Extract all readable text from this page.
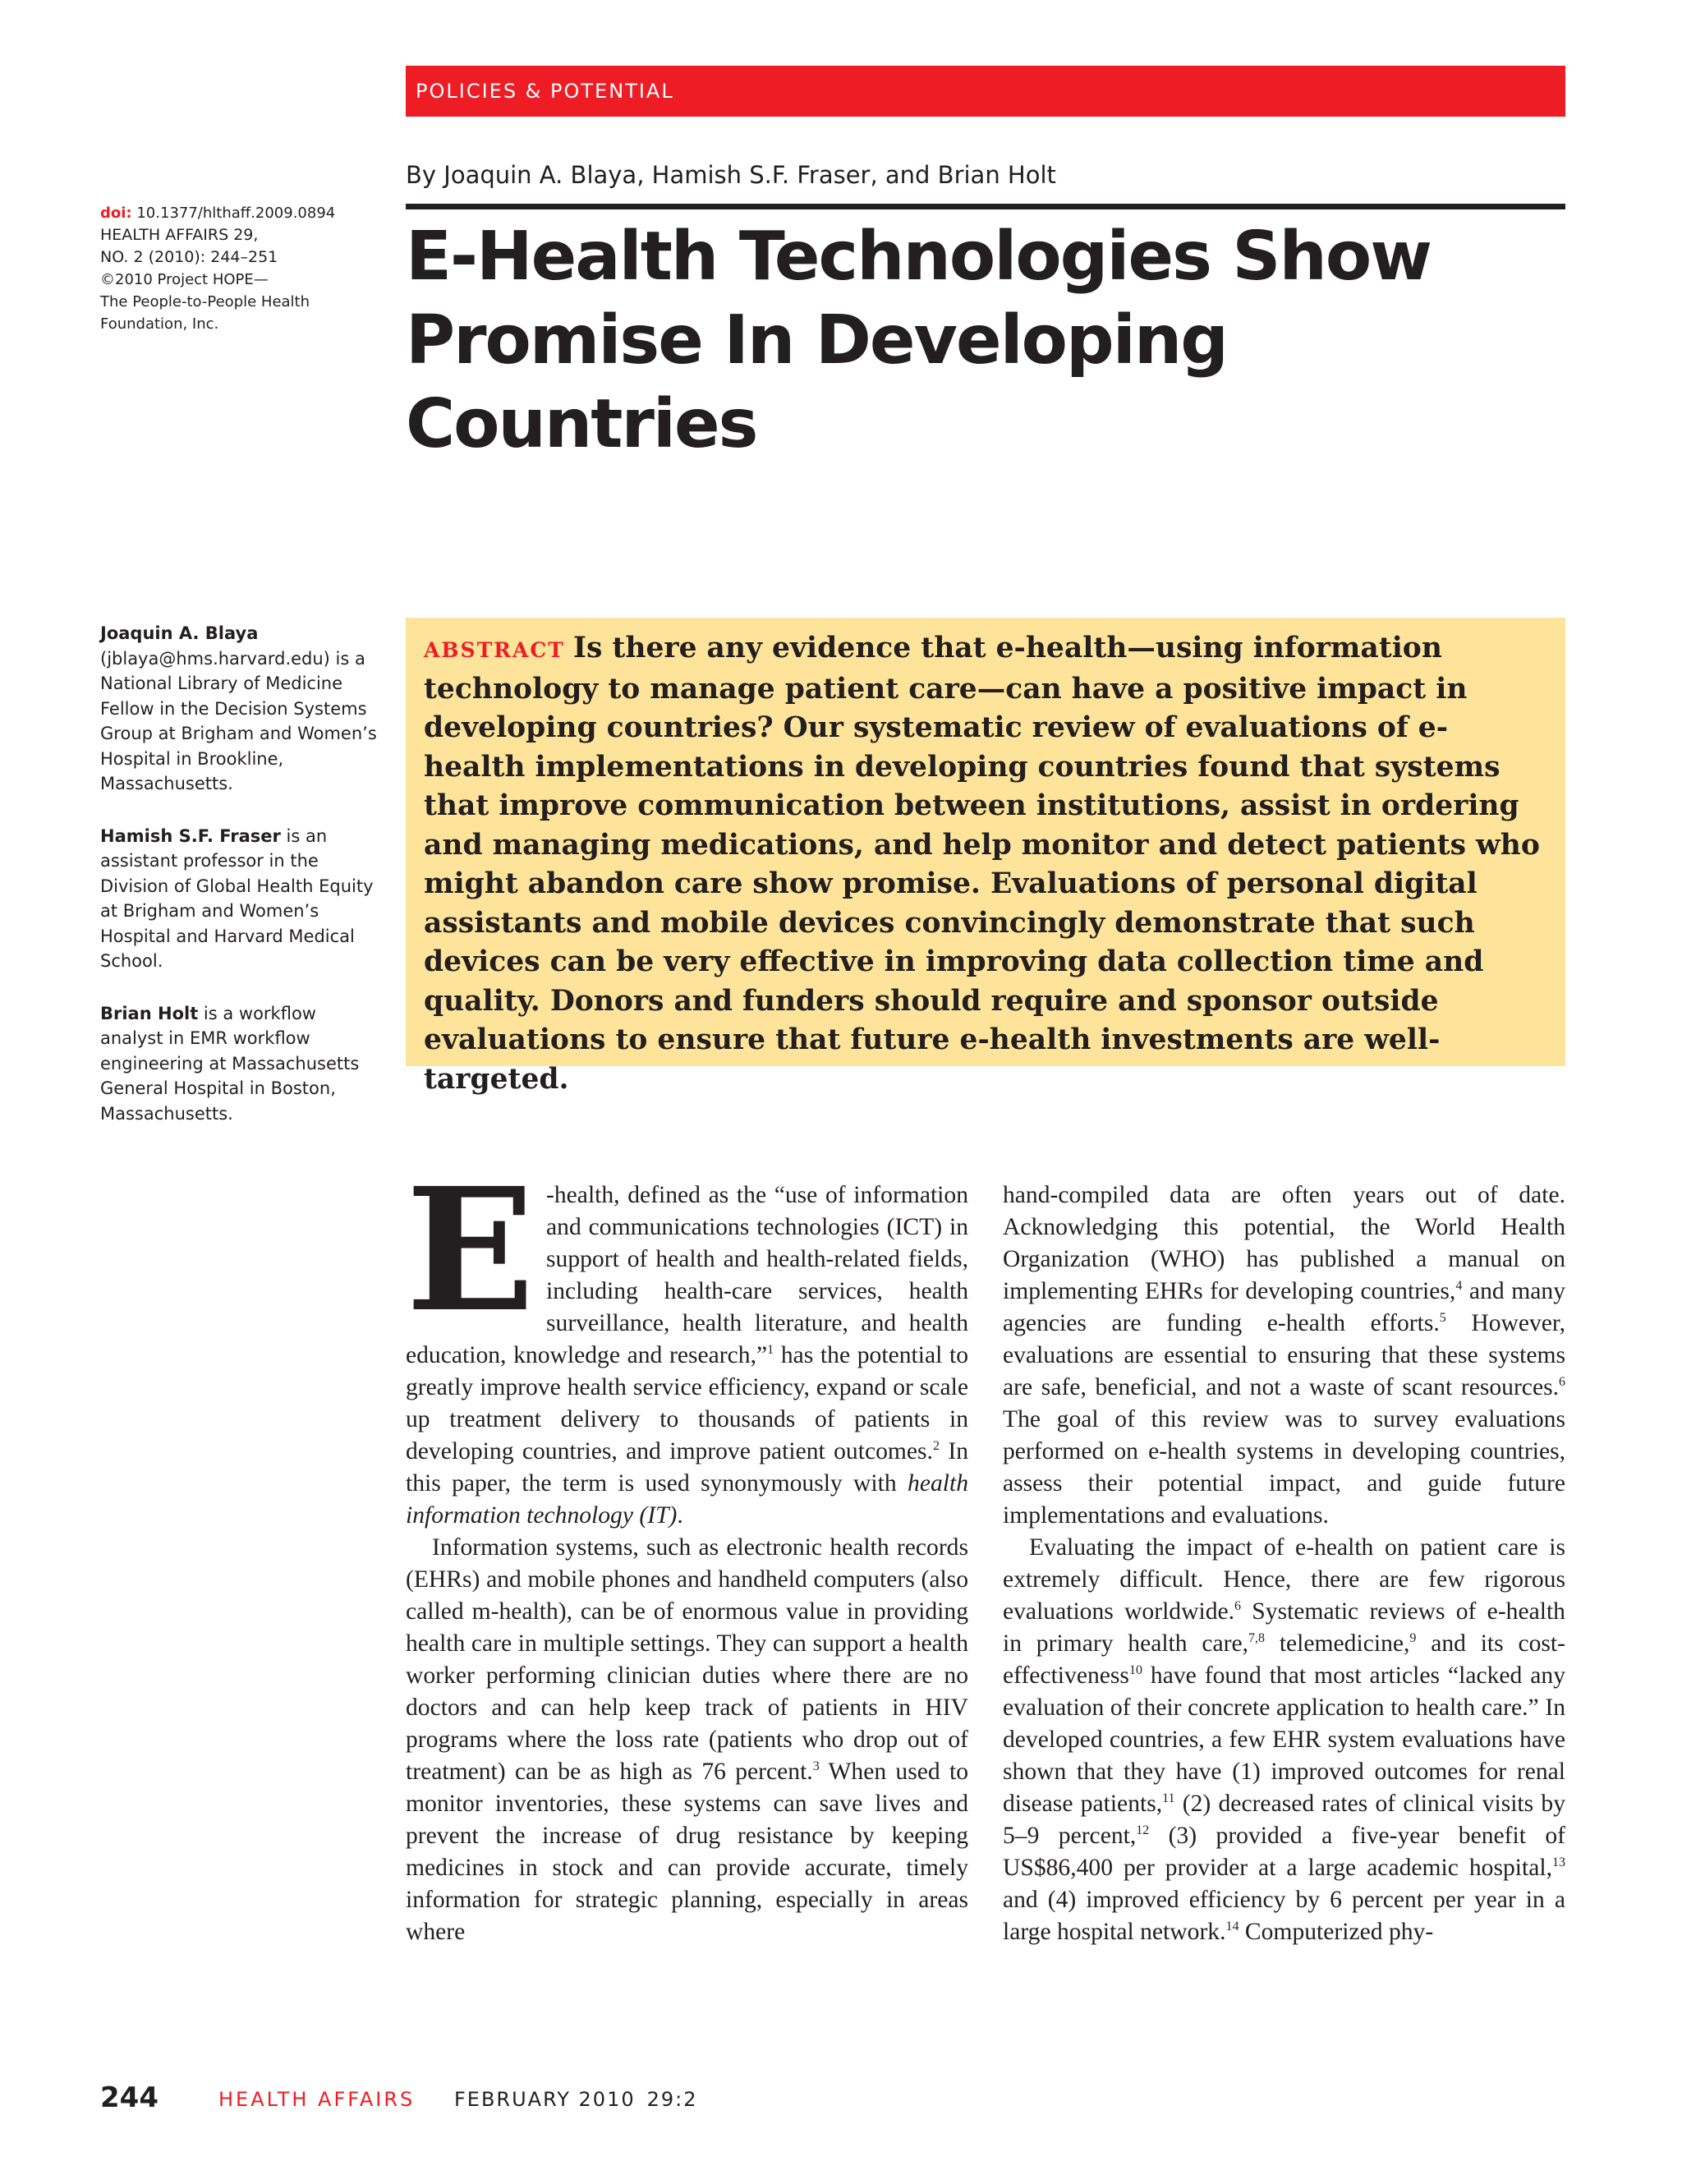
POLICIES & POTENTIAL
By Joaquin A. Blaya, Hamish S.F. Fraser, and Brian Holt
E-Health Technologies Show
Promise In Developing Countries
doi: 10.1377/hlthaff.2009.0894
HEALTH AFFAIRS 29,
NO. 2 (2010): 244–251
©2010 Project HOPE—
The People-to-People Health
Foundation, Inc.

Joaquin A. Blaya (jblaya@hms.harvard.edu) is a National Library of Medicine Fellow in the Decision Systems Group at Brigham and Women’s Hospital in Brookline, Massachusetts.

Hamish S.F. Fraser is an assistant professor in the Division of Global Health Equity at Brigham and Women’s Hospital and Harvard Medical School.

Brian Holt is a workflow analyst in EMR workflow engineering at Massachusetts General Hospital in Boston, Massachusetts.

ABSTRACT Is there any evidence that e-health—using information technology to manage patient care—can have a positive impact in developing countries? Our systematic review of evaluations of e-health implementations in developing countries found that systems that improve communication between institutions, assist in ordering and managing medications, and help monitor and detect patients who might abandon care show promise. Evaluations of personal digital assistants and mobile devices convincingly demonstrate that such devices can be very effective in improving data collection time and quality. Donors and funders should require and sponsor outside evaluations to ensure that future e-health investments are well-targeted.

E -health, defined as the “use of information and communications technologies (ICT) in support of health and health-related fields, including health-care services, health surveillance, health literature, and health education, knowledge and research,”$^1$ has the potential to greatly improve health service efficiency, expand or scale up treatment delivery to thousands of patients in developing countries, and improve patient outcomes.$^2$ In this paper, the term is used synonymously with health information technology (IT).

Information systems, such as electronic health records (EHRs) and mobile phones and handheld computers (also called m-health), can be of enormous value in providing health care in multiple settings. They can support a health worker performing clinician duties where there are no doctors and can help keep track of patients in HIV programs where the loss rate (patients who drop out of treatment) can be as high as 76 percent.$^3$ When used to monitor inventories, these systems can save lives and prevent the increase of drug resistance by keeping medicines in stock and can provide accurate, timely information for strategic planning, especially in areas where

hand-compiled data are often years out of date. Acknowledging this potential, the World Health Organization (WHO) has published a manual on implementing EHRs for developing countries,$^4$ and many agencies are funding e-health efforts.$^5$ However, evaluations are essential to ensuring that these systems are safe, beneficial, and not a waste of scant resources.$^6$ The goal of this review was to survey evaluations performed on e-health systems in developing countries, assess their potential impact, and guide future implementations and evaluations.

Evaluating the impact of e-health on patient care is extremely difficult. Hence, there are few rigorous evaluations worldwide.$^6$ Systematic reviews of e-health in primary health care,$^{7,8}$ telemedicine,$^9$ and its cost-effectiveness$^{10}$ have found that most articles “lacked any evaluation of their concrete application to health care.” In developed countries, a few EHR system evaluations have shown that they have (1) improved outcomes for renal disease patients,$^{11}$ (2) decreased rates of clinical visits by 5–9 percent,$^{12}$ (3) provided a five-year benefit of US$86,400 per provider at a large academic hospital,$^{13}$ and (4) improved efficiency by 6 percent per year in a large hospital network.$^{14}$ Computerized phy-

244	HEALTH AFFAIRS FEBRUARY 2010 29:2
